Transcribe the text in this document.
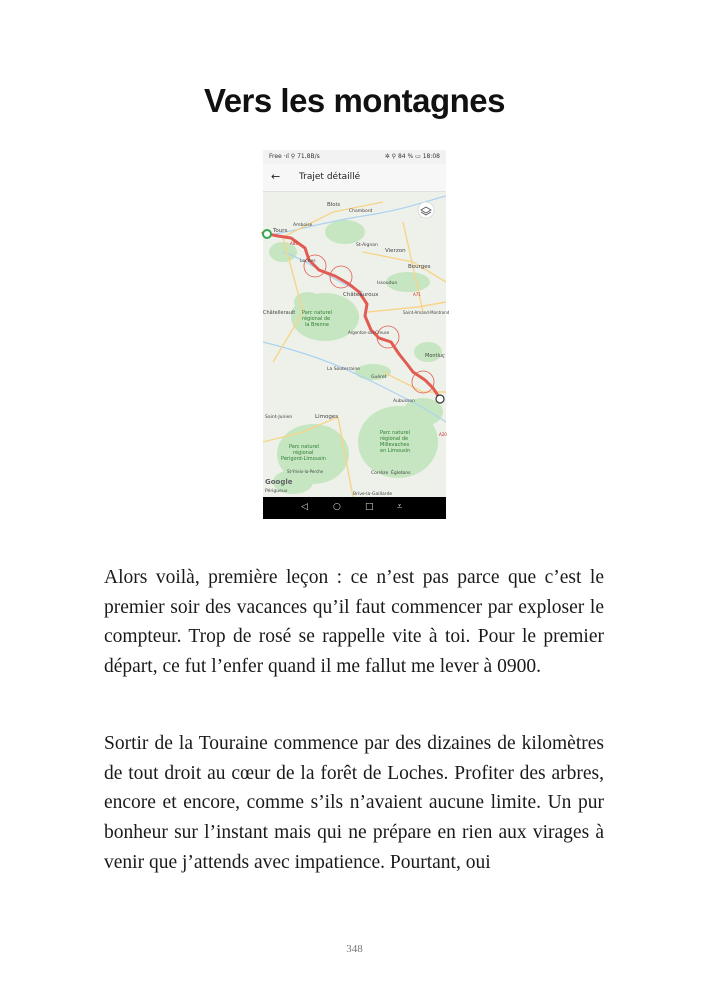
Vers les montagnes
Free ·ıl ⚲ 71,8B/s	✲ ⚲ 84 % ▭ 18:08
← Trajet détaillé
Blois
Chambord
Tours
Amboise
St-Aignan
Vierzon
Loches
Bourges
Issoudun
Châteauroux
Châtellerault Parc naturel
régional de
la Brenne
Argenton-sur-Creuse
Saint-Amand-Montrond
Montluç
La Souterraine
Guéret
Aubusson
Saint-Junien	Limoges
Parc naturel
régional
Périgord-Limousin
Parc naturel
régional de
Millevaches
en Limousin
St-Yrieix-la-Perche	Corrèze Égletons
Google
Périgueux
Brive-la-Gaillarde
A85
A71
A20
◁	○	□	⩡

Alors voilà, première leçon : ce n’est pas parce que c’est le premier soir des vacances qu’il faut commencer par exploser le compteur. Trop de rosé se rappelle vite à toi. Pour le premier départ, ce fut l’enfer quand il me fallut me lever à 0900.

Sortir de la Touraine commence par des dizaines de kilomètres de tout droit au cœur de la forêt de Loches. Profiter des arbres, encore et encore, comme s’ils n’avaient aucune limite. Un pur bonheur sur l’instant mais qui ne prépare en rien aux virages à venir que j’attends avec impatience. Pourtant, oui

348
